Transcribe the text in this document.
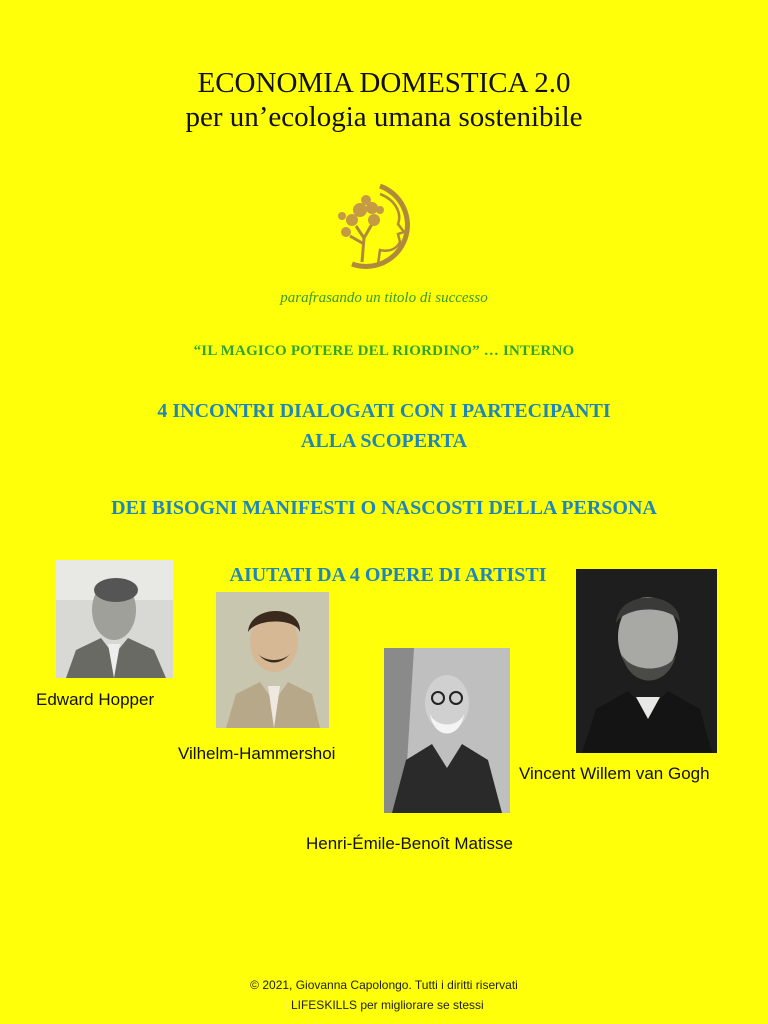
ECONOMIA DOMESTICA 2.0
per un’ecologia umana sostenibile
parafrasando un titolo di successo
“IL MAGICO POTERE DEL RIORDINO” … INTERNO
4 INCONTRI DIALOGATI CON I PARTECIPANTI
ALLA SCOPERTA
DEI BISOGNI MANIFESTI O NASCOSTI DELLA PERSONA
AIUTATI DA 4 OPERE DI ARTISTI
Edward Hopper
Vilhelm-Hammershoi
Henri-Émile-Benoît Matisse
Vincent Willem van Gogh
© 2021, Giovanna Capolongo. Tutti i diritti riservati
I LIFESKILLS per migliorare se stessi
